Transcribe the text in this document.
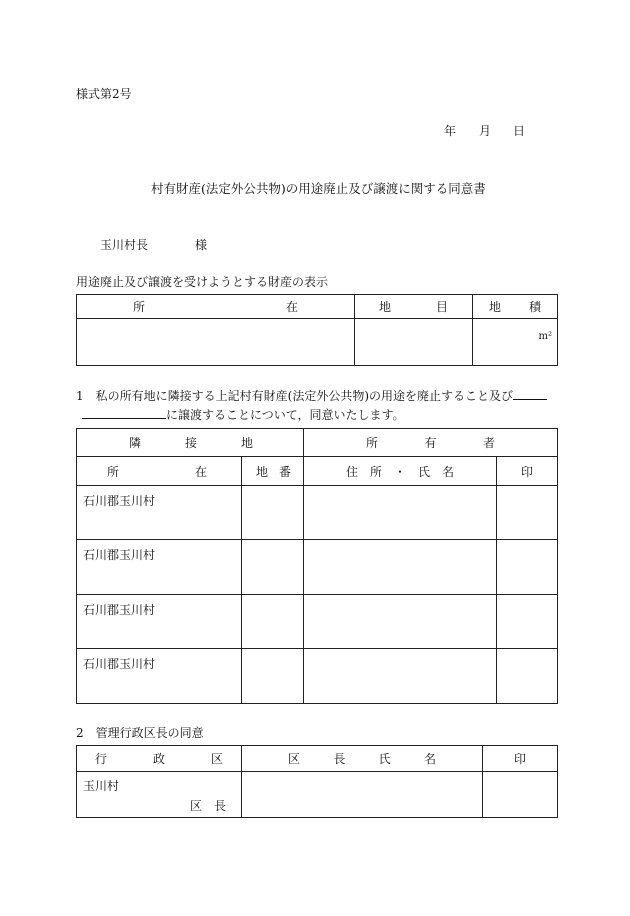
様式第2号
年 月 日
村有財産(法定外公共物)の用途廃止及び譲渡に関する同意書
玉川村長	様
用途廃止及び譲渡を受けようとする財産の表示
所 在	地 目	地 積

		m²
1　私の所有地に隣接する上記村有財産(法定外公共物)の用途を廃止すること及び
に譲渡することについて，同意いたします。
隣 接 地		所 有 者	

所 在	地 番	住 所 ・ 氏 名	印
石川郡玉川村			
石川郡玉川村			
石川郡玉川村			
石川郡玉川村			
2　管理行政区長の同意
行 政 区	区 長 氏 名	印

玉川村
区　長		
